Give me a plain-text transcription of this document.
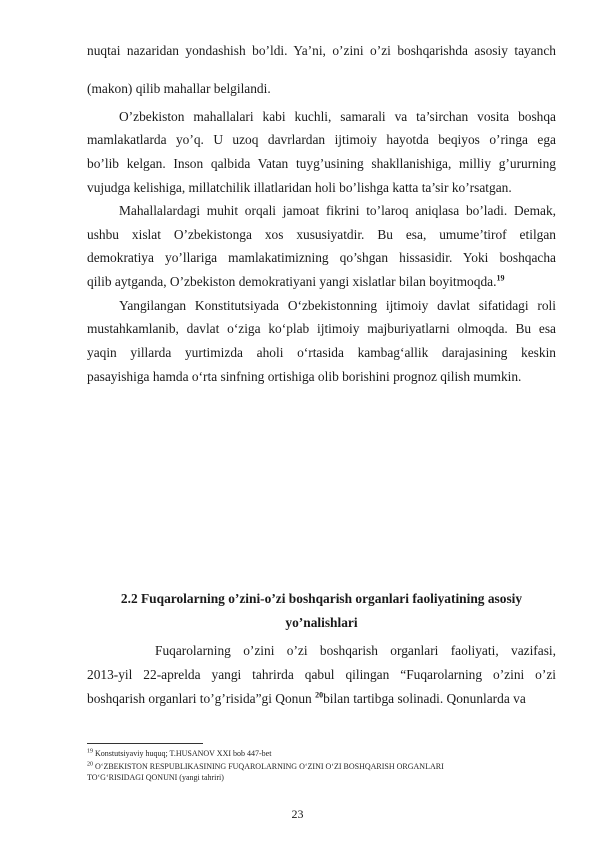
nuqtai nazaridan yondashish bo’ldi. Ya’ni, o’zini o’zi boshqarishda asosiy tayanch
(makon) qilib mahallar belgilandi.
O’zbekiston mahallalari kabi kuchli, samarali va ta’sirchan vosita boshqa
mamlakatlarda yo’q. U uzoq davrlardan ijtimoiy hayotda beqiyos o’ringa ega
bo’lib kelgan. Inson qalbida Vatan tuyg’usining shakllanishiga, milliy g’ururning
vujudga kelishiga, millatchilik illatlaridan holi bo’lishga katta ta’sir ko’rsatgan.
Mahallalardagi muhit orqali jamoat fikrini to’laroq aniqlasa bo’ladi. Demak,
ushbu xislat O’zbekistonga xos xususiyatdir. Bu esa, umume’tirof etilgan
demokratiya yo’llariga mamlakatimizning qo’shgan hissasidir. Yoki boshqacha
qilib aytganda, O’zbekiston demokratiyani yangi xislatlar bilan boyitmoqda.$^{19}$
Yangilangan Konstitutsiyada O‘zbekistonning ijtimoiy davlat sifatidagi roli
mustahkamlanib, davlat o‘ziga ko‘plab ijtimoiy majburiyatlarni olmoqda. Bu esa
yaqin yillarda yurtimizda aholi o‘rtasida kambag‘allik darajasining keskin
pasayishiga hamda o‘rta sinfning ortishiga olib borishini prognoz qilish mumkin.
2.2 Fuqarolarning o’zini-o’zi boshqarish organlari faoliyatining asosiy
yo’nalishlari
Fuqarolarning o’zini o’zi boshqarish organlari faoliyati, vazifasi,
2013-yil 22-aprelda yangi tahrirda qabul qilingan “Fuqarolarning o’zini o’zi
boshqarish organlari to’g’risida”gi Qonun $^{20}$bilan tartibga solinadi. Qonunlarda va
$^{19}$ Konstutsiyaviy huquq; T.HUSANOV XXI bob 447-bet
$^{20}$ O‘ZBEKISTON RESPUBLIKASINING FUQAROLARNING O‘ZINI O‘ZI BOSHQARISH ORGANLARI
TO‘G‘RISIDAGI QONUNI (yangi tahriri)
23
